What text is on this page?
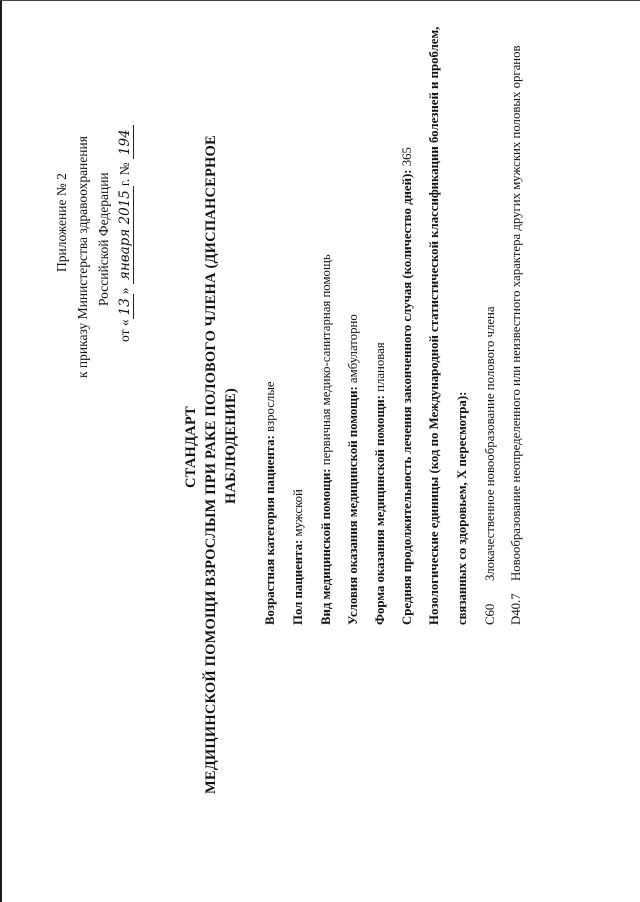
Приложение № 2 к приказу Министерства здравоохранения Российской Федерации
от «13» января 2015г. № 194
СТАНДАРТ МЕДИЦИНСКОЙ ПОМОЩИ ВЗРОСЛЫМ ПРИ РАКЕ ПОЛОВОГО ЧЛЕНА (ДИСПАНСЕРНОЕ НАБЛЮДЕНИЕ) Возрастная категория пациента: взрослые
Пол пациента: мужской Вид медицинской помощи: первичная медико-санитарная помощь
Условия оказания медицинской помощи: амбулаторно
Форма оказания медицинской помощи: плановая Средняя продолжительность лечения законченного случая (количество дней): 365 Нозологические единицы (код по Международной статистической классификации болезней и проблем, связанных со здоровьем, X пересмотра): C60Злокачественное новообразование полового члена
D40.7Новообразование неопределенного или неизвестного характера других мужских половых органов
